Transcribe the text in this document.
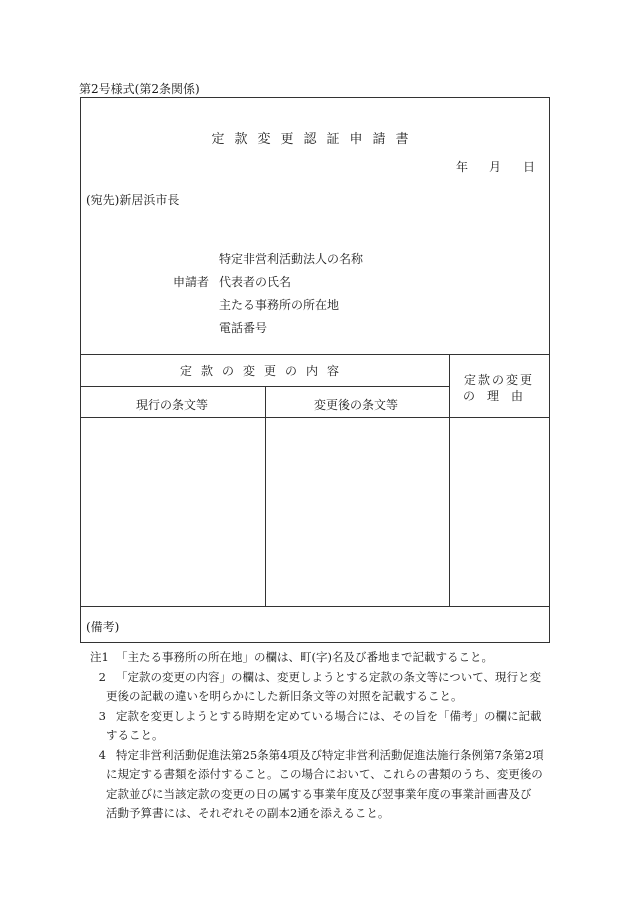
第2号様式(第2条関係)
定款変更認証申請書
年 月 日
(宛先)新居浜市長
申請者
特定非営利活動法人の名称
代表者の氏名
主たる事務所の所在地
電話番号
定款の変更の内容
現行の条文等	変更後の条文等
定款の変更
の理由
(備考)
注1 「主たる事務所の所在地」の欄は、町(字)名及び番地まで記載すること。
2 「定款の変更の内容」の欄は、変更しようとする定款の条文等について、現行と変
更後の記載の違いを明らかにした新旧条文等の対照を記載すること。
3 定款を変更しようとする時期を定めている場合には、その旨を「備考」の欄に記載
すること。
4 特定非営利活動促進法第25条第4項及び特定非営利活動促進法施行条例第7条第2項
に規定する書類を添付すること。この場合において、これらの書類のうち、変更後の
定款並びに当該定款の変更の日の属する事業年度及び翌事業年度の事業計画書及び
活動予算書には、それぞれその副本2通を添えること。
